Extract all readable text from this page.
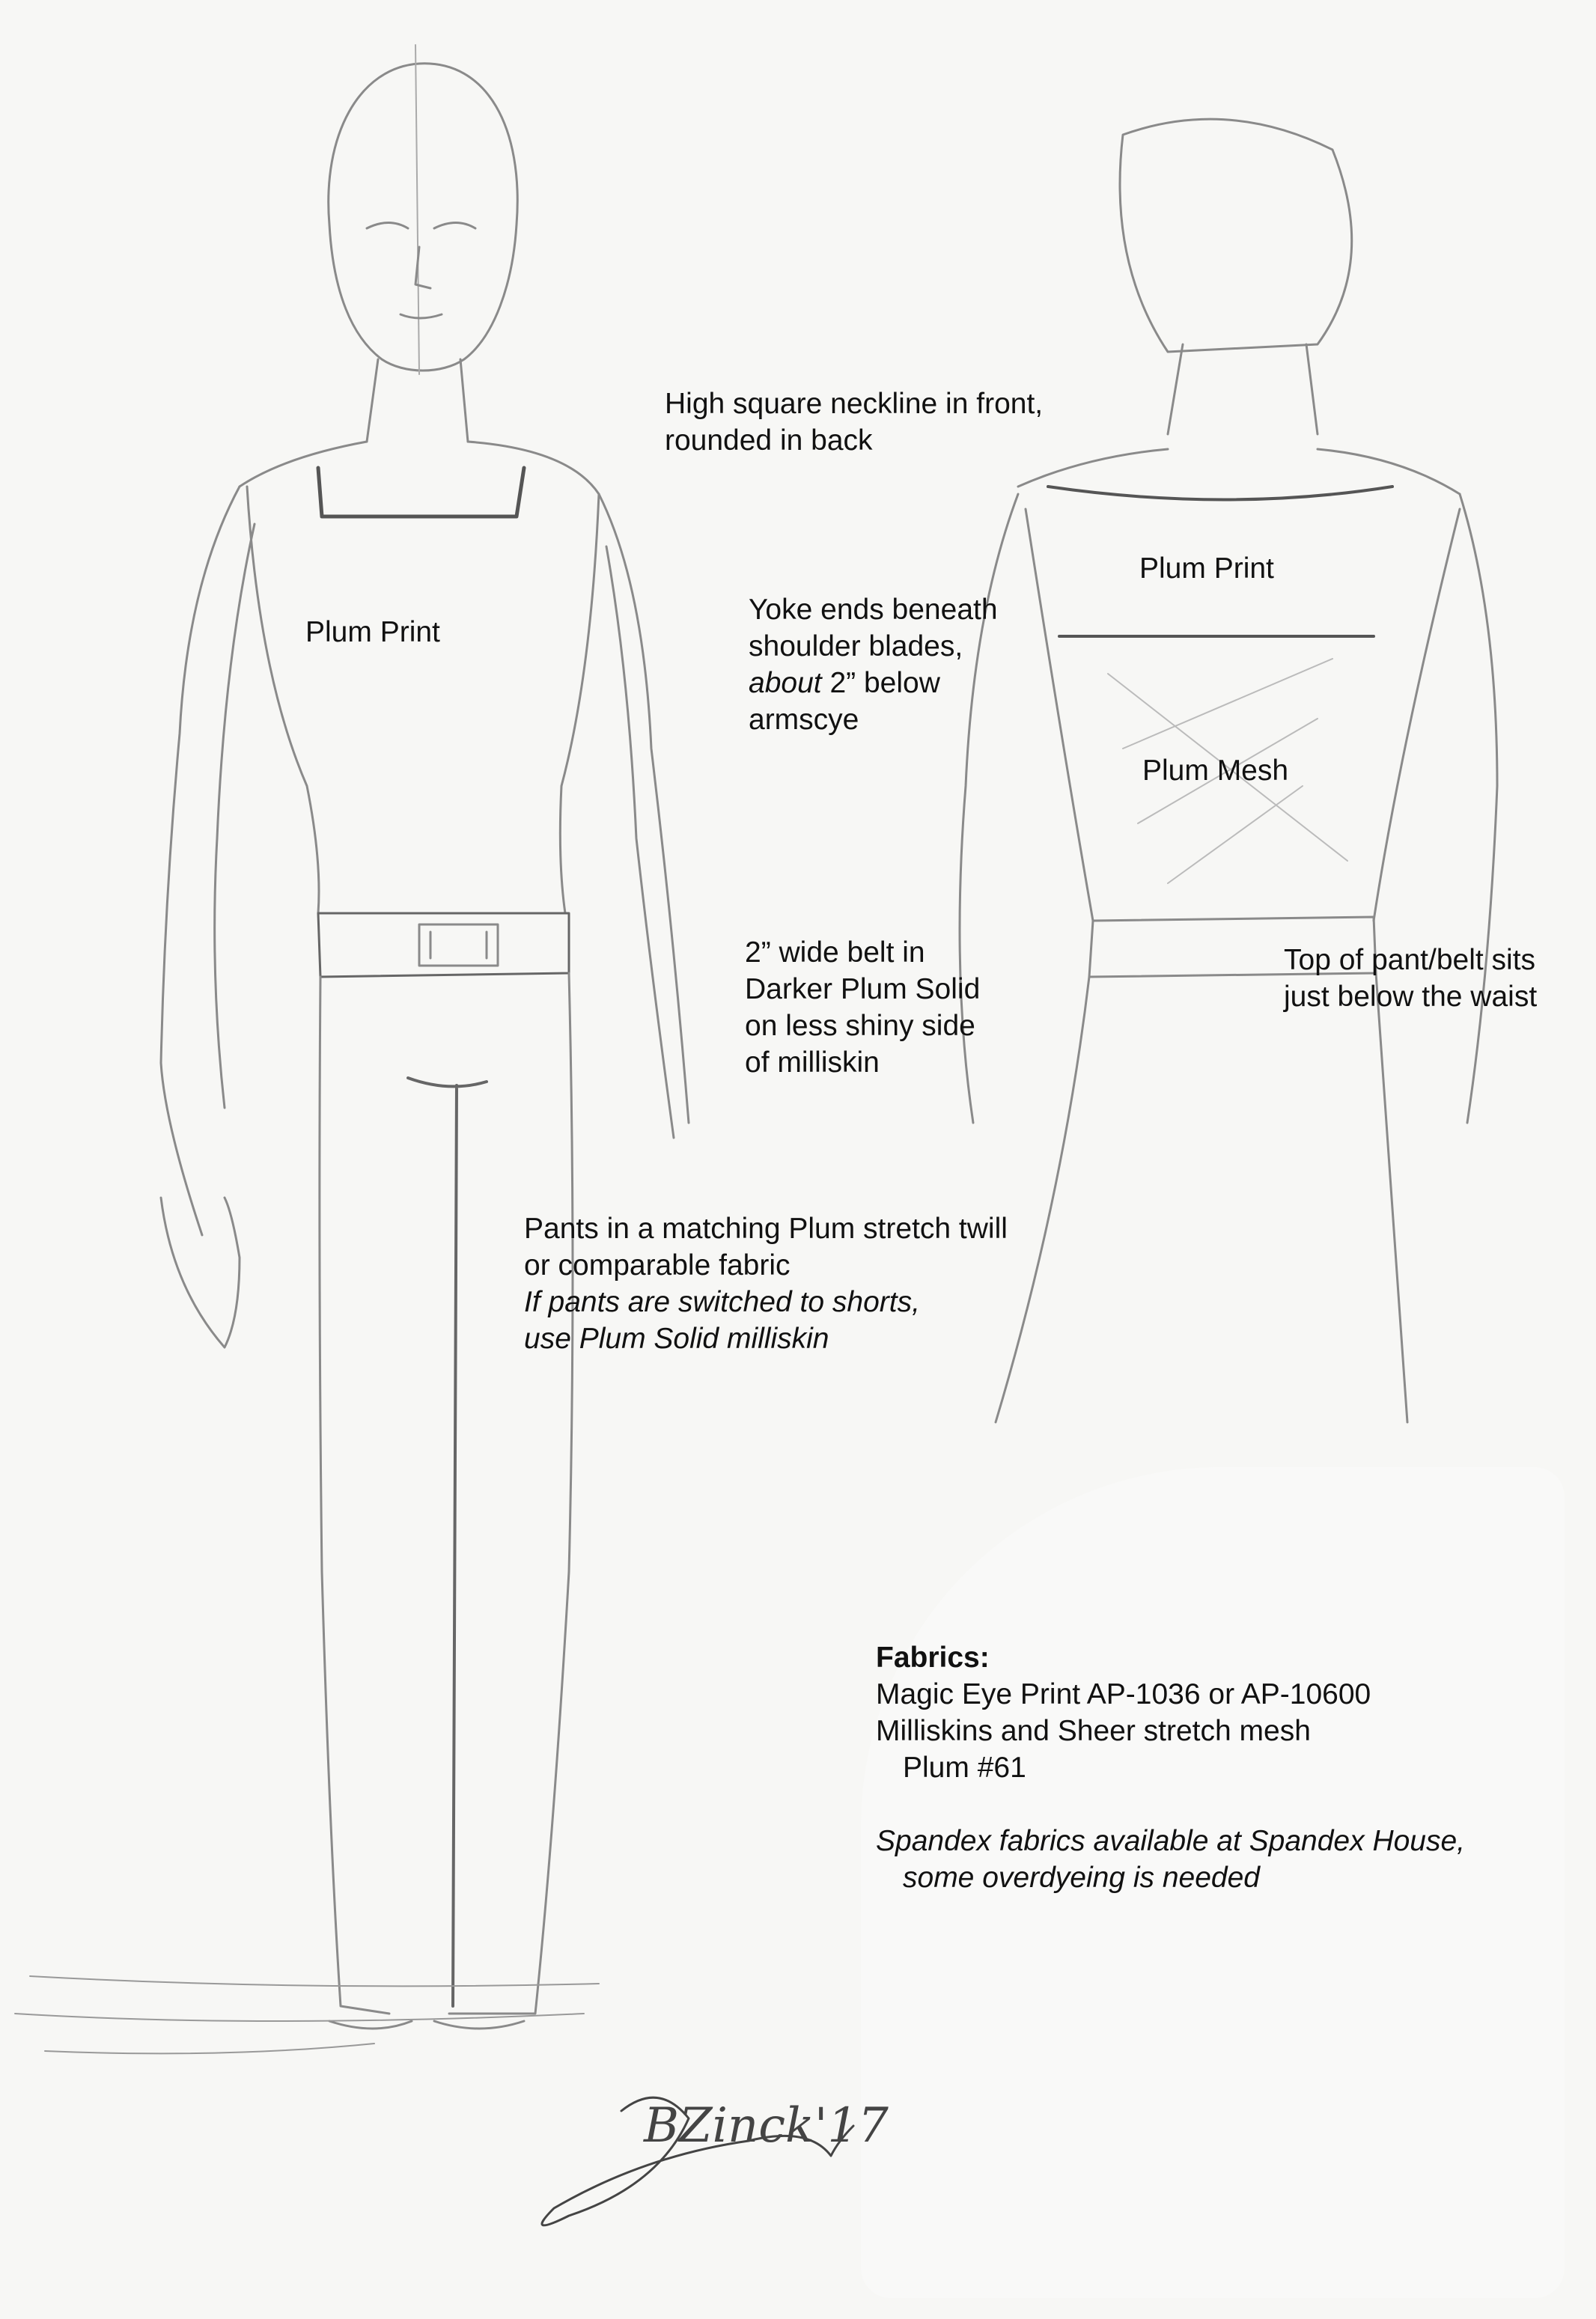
High square neckline in front,
rounded in back
Plum Print
Plum Print
Yoke ends beneath
shoulder blades,
about 2” below
armscye
Plum Mesh
2” wide belt in
Darker Plum Solid
on less shiny side
of milliskin
Top of pant/belt sits
just below the waist
Pants in a matching Plum stretch twill
or comparable fabric
If pants are switched to shorts,
use Plum Solid milliskin
Fabrics:
Magic Eye Print AP-1036 or AP-10600
Milliskins and Sheer stretch mesh
Plum #61
Spandex fabrics available at Spandex House,
some overdyeing is needed
BZinck'17
